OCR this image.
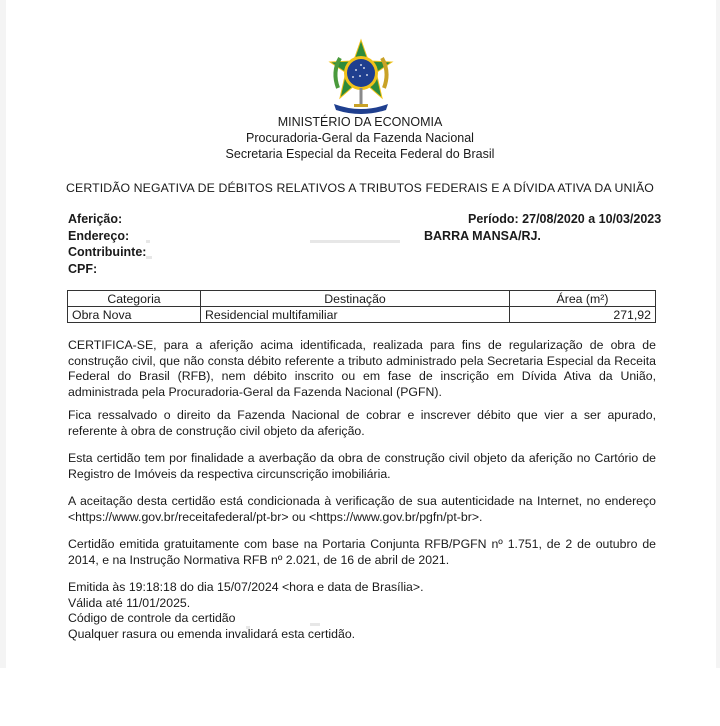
MINISTÉRIO DA ECONOMIA
Procuradoria-Geral da Fazenda Nacional
Secretaria Especial da Receita Federal do Brasil
CERTIDÃO NEGATIVA DE DÉBITOS RELATIVOS A TRIBUTOS FEDERAIS E A DÍVIDA ATIVA DA UNIÃO
Aferição:
Endereço:
Contribuinte:
CPF:
Período: 27/08/2020 a 10/03/2023
BARRA MANSA/RJ.
Categoria	Destinação	Área (m²)
Obra Nova	Residencial multifamiliar	271,92
CERTIFICA-SE, para a aferição acima identificada, realizada para fins de regularização de obra de construção civil, que não consta débito referente a tributo administrado pela Secretaria Especial da Receita Federal do Brasil (RFB), nem débito inscrito ou em fase de inscrição em Dívida Ativa da União, administrada pela Procuradoria-Geral da Fazenda Nacional (PGFN).
Fica ressalvado o direito da Fazenda Nacional de cobrar e inscrever débito que vier a ser apurado, referente à obra de construção civil objeto da aferição.
Esta certidão tem por finalidade a averbação da obra de construção civil objeto da aferição no Cartório de Registro de Imóveis da respectiva circunscrição imobiliária.
A aceitação desta certidão está condicionada à verificação de sua autenticidade na Internet, no endereço <https://www.gov.br/receitafederal/pt-br> ou <https://www.gov.br/pgfn/pt-br>.
Certidão emitida gratuitamente com base na Portaria Conjunta RFB/PGFN nº 1.751, de 2 de outubro de 2014, e na Instrução Normativa RFB nº 2.021, de 16 de abril de 2021.
Emitida às 19:18:18 do dia 15/07/2024 <hora e data de Brasília>.
Válida até 11/01/2025.
Código de controle da certidão
Qualquer rasura ou emenda invalidará esta certidão.
